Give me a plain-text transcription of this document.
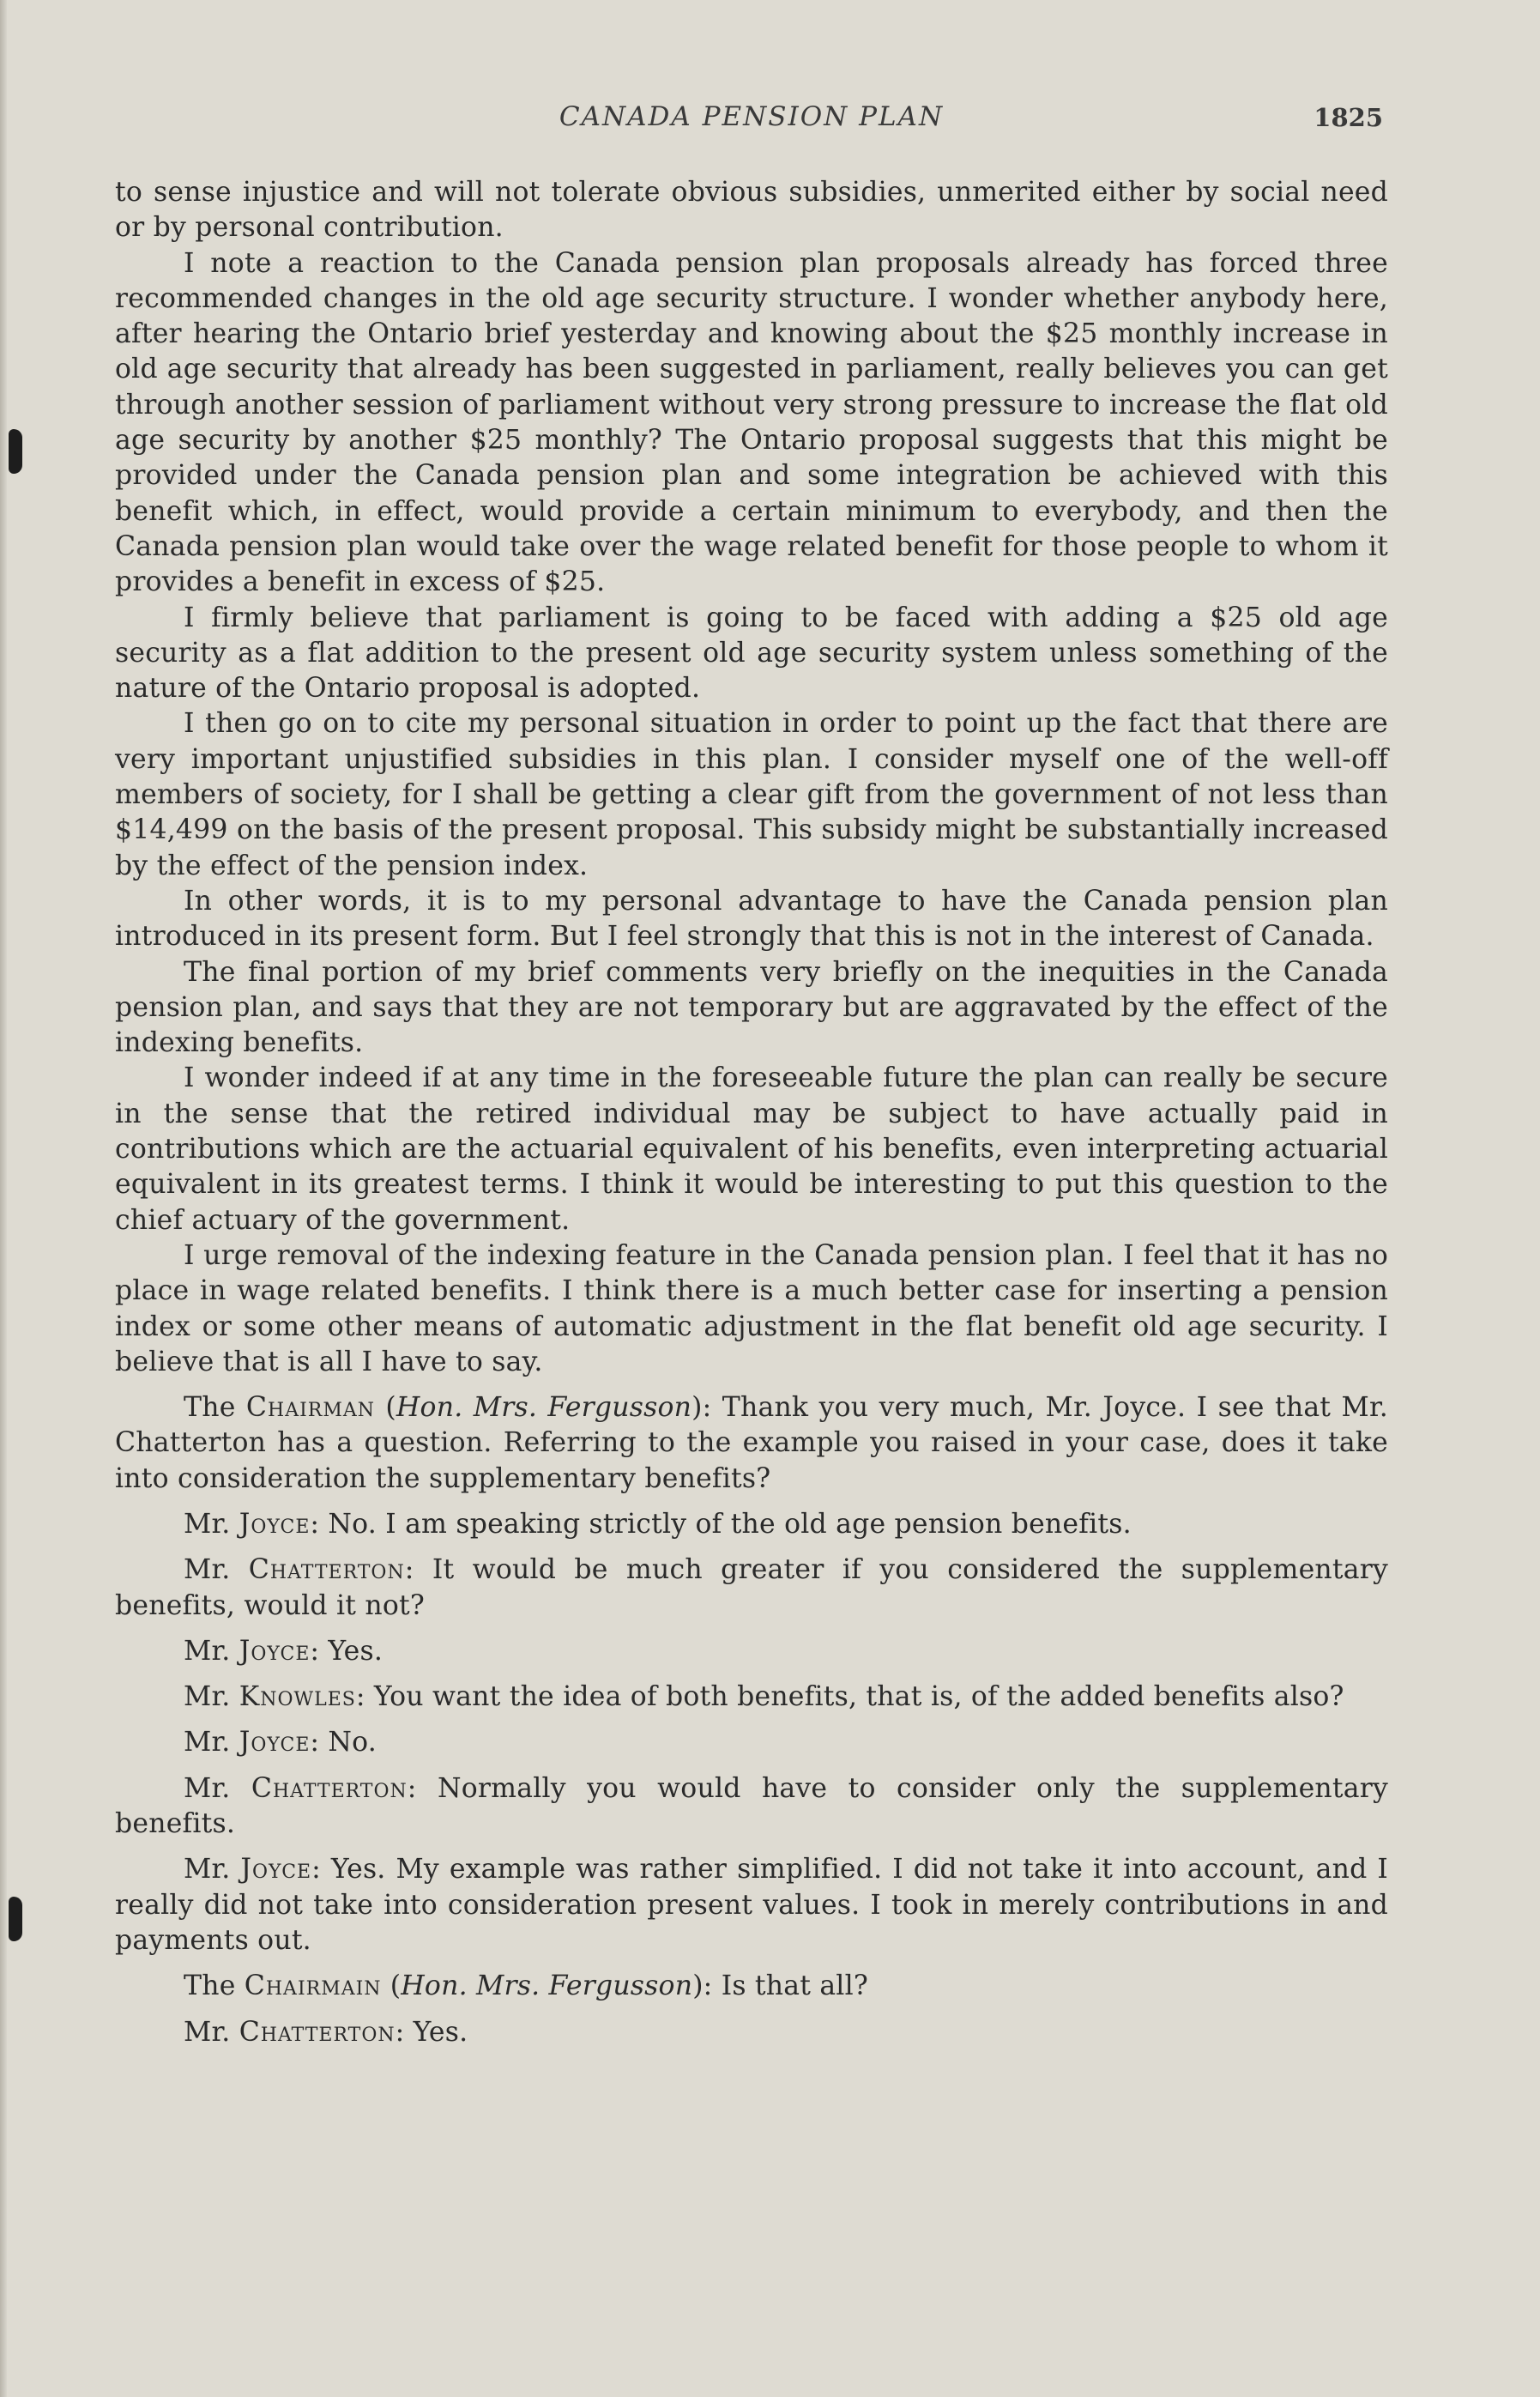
CANADA PENSION PLAN	1825

to sense injustice and will not tolerate obvious subsidies, unmerited either by social need or by personal contribution.

I note a reaction to the Canada pension plan proposals already has forced three recommended changes in the old age security structure. I wonder whether anybody here, after hearing the Ontario brief yesterday and knowing about the $25 monthly increase in old age security that already has been suggested in parliament, really believes you can get through another session of parliament without very strong pressure to increase the flat old age security by another $25 monthly? The Ontario proposal suggests that this might be provided under the Canada pension plan and some integration be achieved with this benefit which, in effect, would provide a certain minimum to everybody, and then the Canada pension plan would take over the wage related benefit for those people to whom it provides a benefit in excess of $25.

I firmly believe that parliament is going to be faced with adding a $25 old age security as a flat addition to the present old age security system unless something of the nature of the Ontario proposal is adopted.

I then go on to cite my personal situation in order to point up the fact that there are very important unjustified subsidies in this plan. I consider myself one of the well-off members of society, for I shall be getting a clear gift from the government of not less than $14,499 on the basis of the present proposal. This subsidy might be substantially increased by the effect of the pension index.

In other words, it is to my personal advantage to have the Canada pension plan introduced in its present form. But I feel strongly that this is not in the interest of Canada.

The final portion of my brief comments very briefly on the inequities in the Canada pension plan, and says that they are not temporary but are aggravated by the effect of the indexing benefits.

I wonder indeed if at any time in the foreseeable future the plan can really be secure in the sense that the retired individual may be subject to have actually paid in contributions which are the actuarial equivalent of his benefits, even interpreting actuarial equivalent in its greatest terms. I think it would be interesting to put this question to the chief actuary of the government.

I urge removal of the indexing feature in the Canada pension plan. I feel that it has no place in wage related benefits. I think there is a much better case for inserting a pension index or some other means of automatic adjustment in the flat benefit old age security. I believe that is all I have to say.

The Chairman (Hon. Mrs. Fergusson): Thank you very much, Mr. Joyce. I see that Mr. Chatterton has a question. Referring to the example you raised in your case, does it take into consideration the supplementary benefits?

Mr. Joyce: No. I am speaking strictly of the old age pension benefits.

Mr. Chatterton: It would be much greater if you considered the supplementary benefits, would it not?

Mr. Joyce: Yes.

Mr. Knowles: You want the idea of both benefits, that is, of the added benefits also?

Mr. Joyce: No.

Mr. Chatterton: Normally you would have to consider only the supplementary benefits.

Mr. Joyce: Yes. My example was rather simplified. I did not take it into account, and I really did not take into consideration present values. I took in merely contributions in and payments out.

The Chairmain (Hon. Mrs. Fergusson): Is that all?

Mr. Chatterton: Yes.
